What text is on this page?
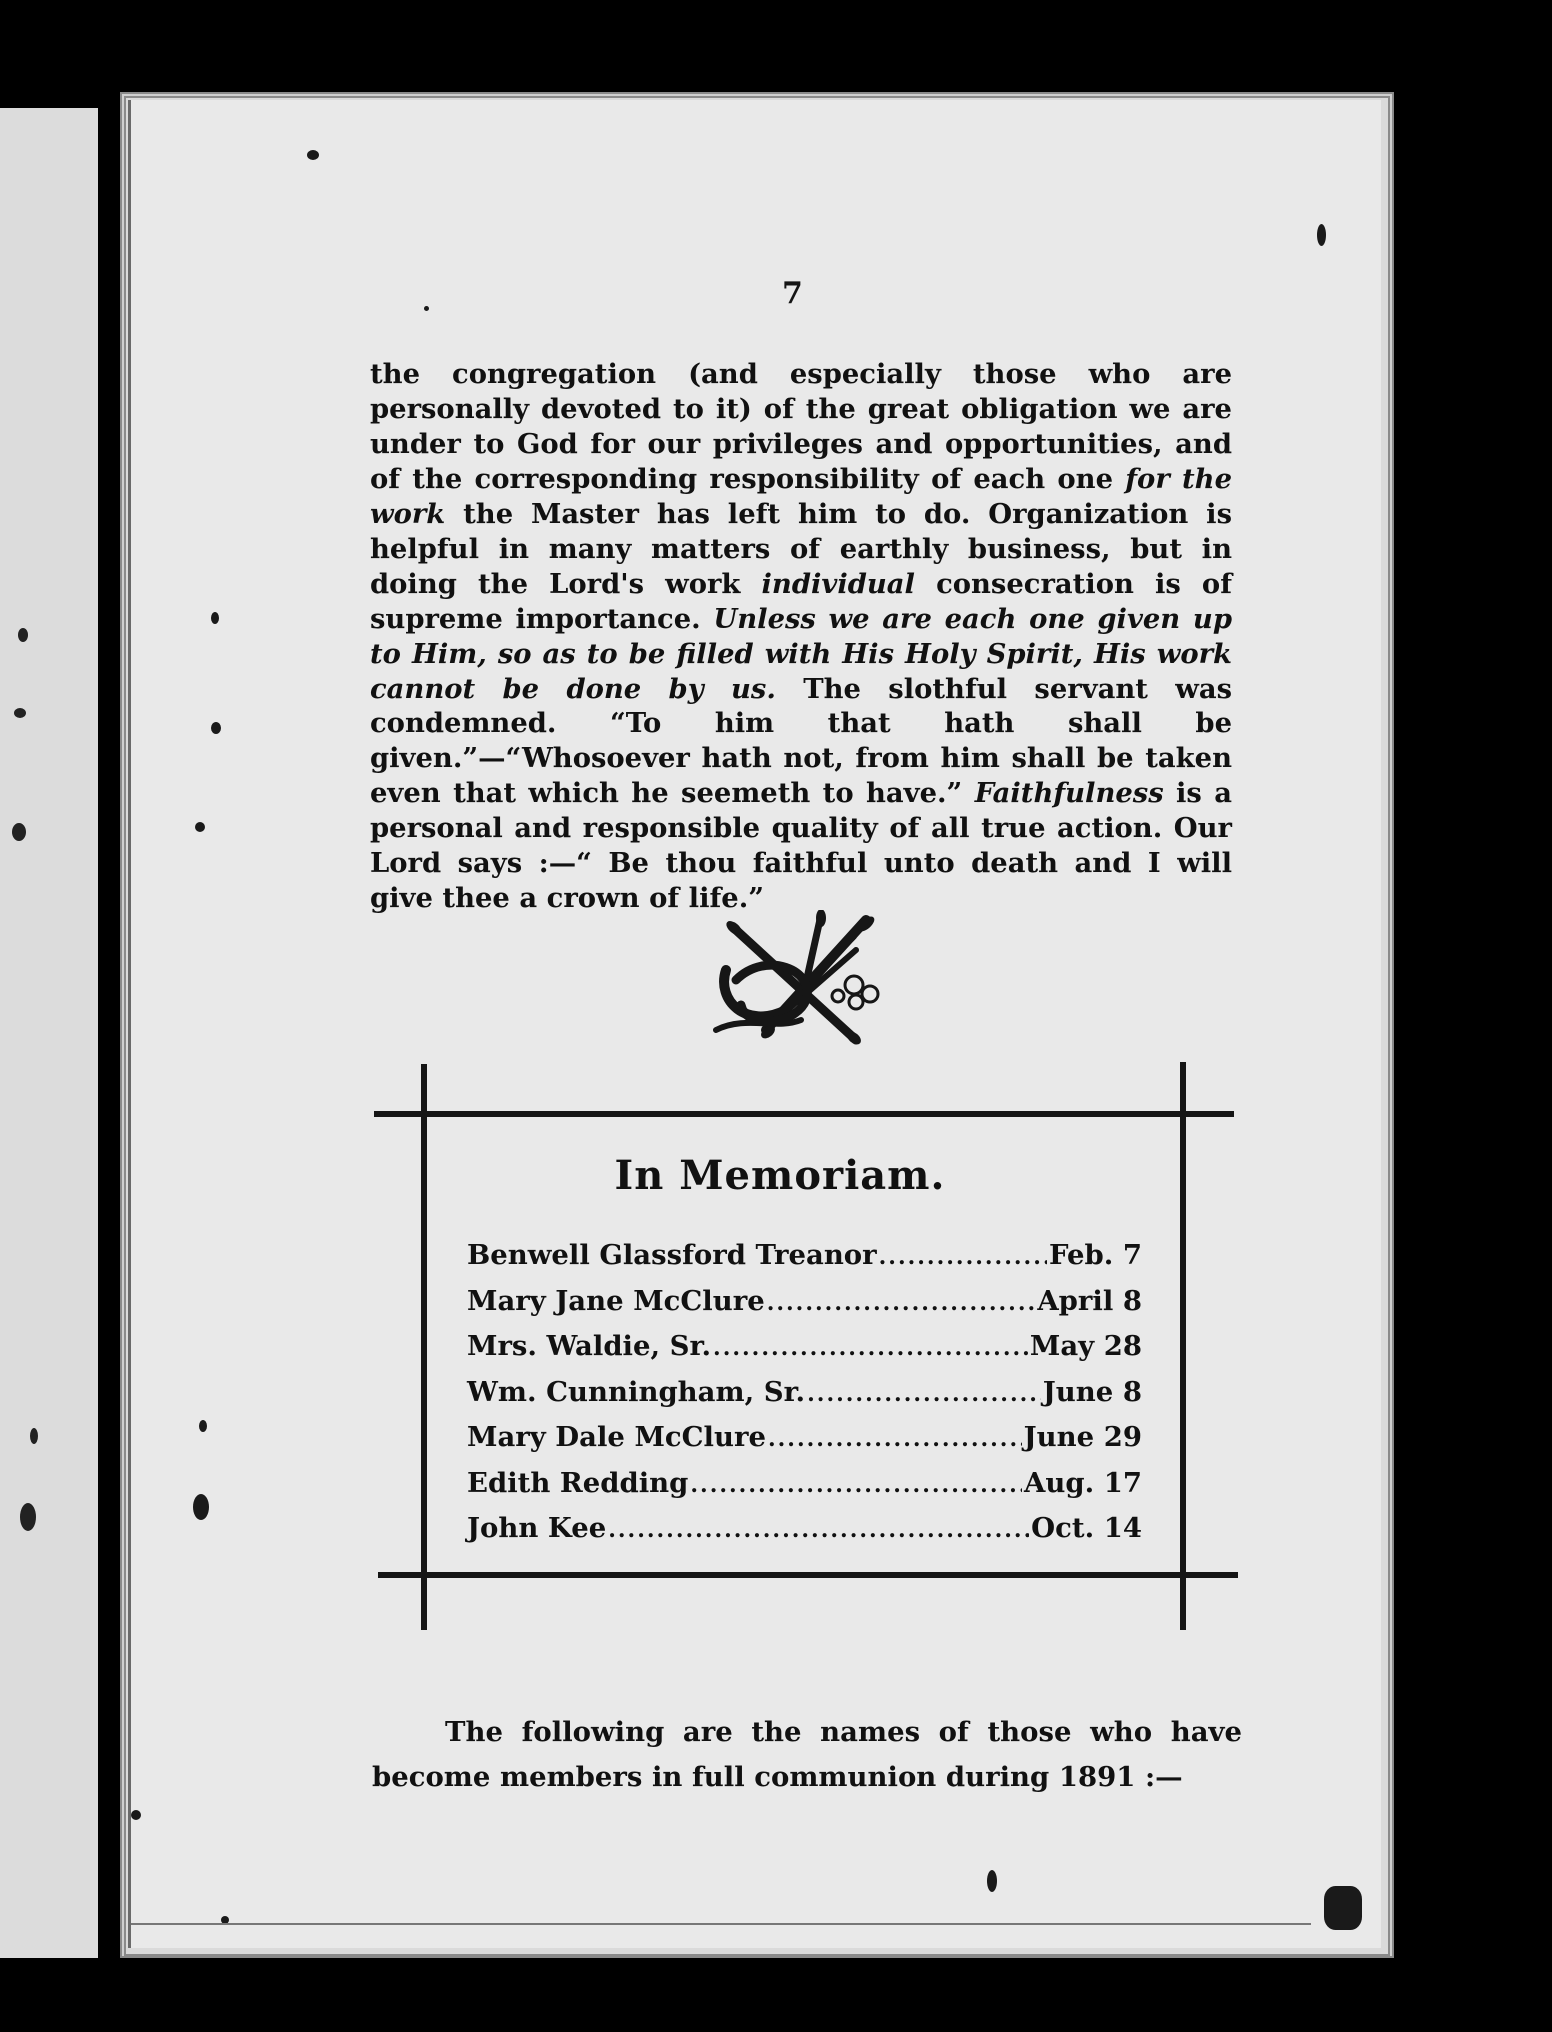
7

the congregation (and especially those who are personally devoted to it) of the great obligation we are under to God for our privileges and opportunities, and of the corresponding responsibility of each one for the work the Master has left him to do. Organization is helpful in many matters of earthly business, but in doing the Lord's work individual consecration is of supreme importance. Unless we are each one given up to Him, so as to be filled with His Holy Spirit, His work cannot be done by us. The slothful servant was condemned. “To him that hath shall be given.”—“Whosoever hath not, from him shall be taken even that which he seemeth to have.” Faithfulness is a personal and responsible quality of all true action. Our Lord says :—“ Be thou faithful unto death and I will give thee a crown of life.”

In Memoriam.
Benwell Glassford Treanor .....	Feb. 7
Mary Jane McClure .....	April 8
Mrs. Waldie, Sr. .....	May 28
Wm. Cunningham, Sr. .....	June 8
Mary Dale McClure .....	June 29
Edith Redding .....	Aug. 17
John Kee .....	Oct. 14

The following are the names of those who have become members in full communion during 1891 :—
